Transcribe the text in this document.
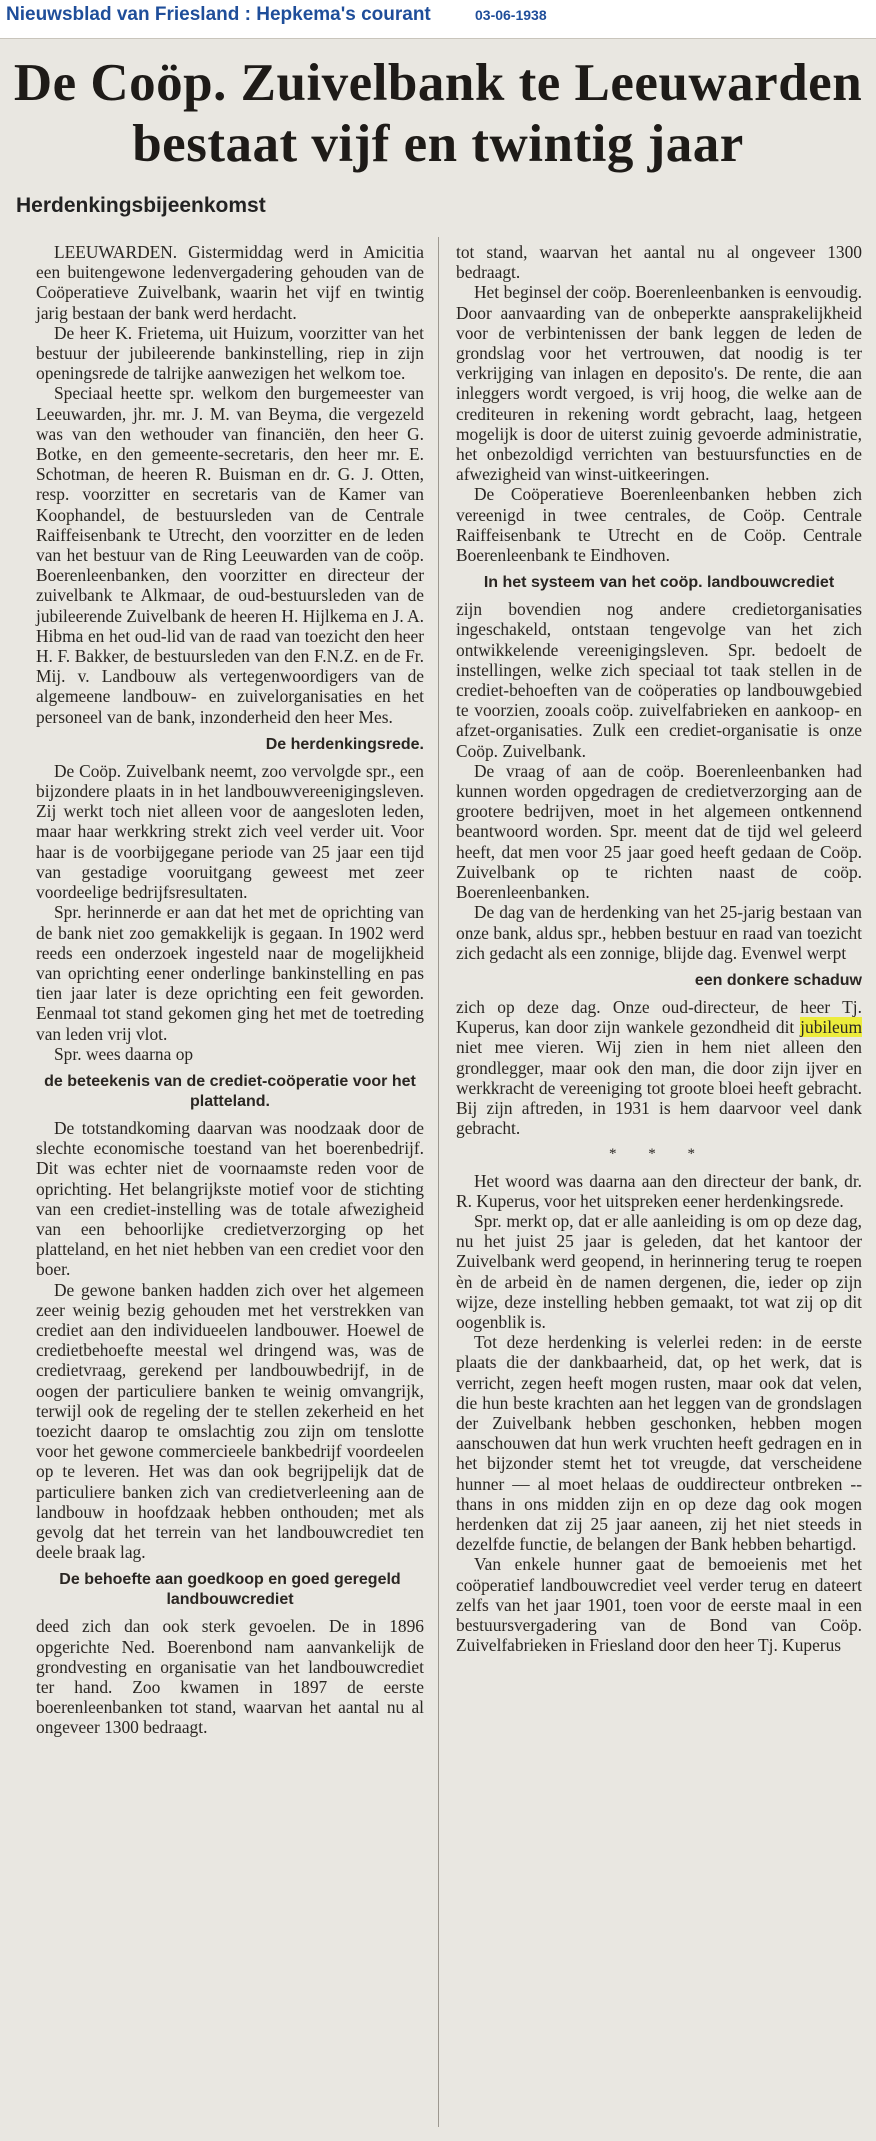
Nieuwsblad van Friesland : Hepkema's courant	03-06-1938
De Coöp. Zuivelbank te Leeuwarden
bestaat vijf en twintig jaar
Herdenkingsbijeenkomst

LEEUWARDEN. Gistermiddag werd in Amicitia een buitengewone ledenvergadering gehouden van de Coöperatieve Zuivelbank, waarin het vijf en twintig jarig bestaan der bank werd herdacht.

De heer K. Frietema, uit Huizum, voorzitter van het bestuur der jubileerende bankinstelling, riep in zijn openingsrede de talrijke aanwezigen het welkom toe.

Speciaal heette spr. welkom den burgemeester van Leeuwarden, jhr. mr. J. M. van Beyma, die vergezeld was van den wethouder van financiën, den heer G. Botke, en den gemeente-secretaris, den heer mr. E. Schotman, de heeren R. Buisman en dr. G. J. Otten, resp. voorzitter en secretaris van de Kamer van Koophandel, de bestuursleden van de Centrale Raiffeisenbank te Utrecht, den voorzitter en de leden van het bestuur van de Ring Leeuwarden van de coöp. Boerenleenbanken, den voorzitter en directeur der zuivelbank te Alkmaar, de oud-bestuursleden van de jubileerende Zuivelbank de heeren H. Hijlkema en J. A. Hibma en het oud-lid van de raad van toezicht den heer H. F. Bakker, de bestuursleden van den F.N.Z. en de Fr. Mij. v. Landbouw als vertegenwoordigers van de algemeene landbouw- en zuivelorganisaties en het personeel van de bank, inzonderheid den heer Mes.

De herdenkingsrede.

De Coöp. Zuivelbank neemt, zoo vervolgde spr., een bijzondere plaats in in het landbouwvereenigingsleven. Zij werkt toch niet alleen voor de aangesloten leden, maar haar werkkring strekt zich veel verder uit. Voor haar is de voorbijgegane periode van 25 jaar een tijd van gestadige vooruitgang geweest met zeer voordeelige bedrijfsresultaten.

Spr. herinnerde er aan dat het met de oprichting van de bank niet zoo gemakkelijk is gegaan. In 1902 werd reeds een onderzoek ingesteld naar de mogelijkheid van oprichting eener onderlinge bankinstelling en pas tien jaar later is deze oprichting een feit geworden. Eenmaal tot stand gekomen ging het met de toetreding van leden vrij vlot.

Spr. wees daarna op

de beteekenis van de crediet-coöperatie voor het platteland.

De totstandkoming daarvan was noodzaak door de slechte economische toestand van het boerenbedrijf. Dit was echter niet de voornaamste reden voor de oprichting. Het belangrijkste motief voor de stichting van een crediet-instelling was de totale afwezigheid van een behoorlijke credietverzorging op het platteland, en het niet hebben van een crediet voor den boer.

De gewone banken hadden zich over het algemeen zeer weinig bezig gehouden met het verstrekken van crediet aan den individueelen landbouwer. Hoewel de credietbehoefte meestal wel dringend was, was de credietvraag, gerekend per landbouwbedrijf, in de oogen der particuliere banken te weinig omvangrijk, terwijl ook de regeling der te stellen zekerheid en het toezicht daarop te omslachtig zou zijn om tenslotte voor het gewone commercieele bankbedrijf voordeelen op te leveren. Het was dan ook begrijpelijk dat de particuliere banken zich van credietverleening aan de landbouw in hoofdzaak hebben onthouden; met als gevolg dat het terrein van het landbouwcrediet ten deele braak lag.

De behoefte aan goedkoop en goed geregeld landbouwcrediet

deed zich dan ook sterk gevoelen. De in 1896 opgerichte Ned. Boerenbond nam aanvankelijk de grondvesting en organisatie van het landbouwcrediet ter hand. Zoo kwamen in 1897 de eerste boerenleenbanken tot stand, waarvan het aantal nu al ongeveer 1300 bedraagt.

tot stand, waarvan het aantal nu al ongeveer 1300 bedraagt.

Het beginsel der coöp. Boerenleenbanken is eenvoudig. Door aanvaarding van de onbeperkte aansprakelijkheid voor de verbintenissen der bank leggen de leden de grondslag voor het vertrouwen, dat noodig is ter verkrijging van inlagen en deposito's. De rente, die aan inleggers wordt vergoed, is vrij hoog, die welke aan de crediteuren in rekening wordt gebracht, laag, hetgeen mogelijk is door de uiterst zuinig gevoerde administratie, het onbezoldigd verrichten van bestuursfuncties en de afwezigheid van winst-uitkeeringen.

De Coöperatieve Boerenleenbanken hebben zich vereenigd in twee centrales, de Coöp. Centrale Raiffeisenbank te Utrecht en de Coöp. Centrale Boerenleenbank te Eindhoven.

In het systeem van het coöp. landbouwcrediet

zijn bovendien nog andere credietorganisaties ingeschakeld, ontstaan tengevolge van het zich ontwikkelende vereenigingsleven. Spr. bedoelt de instellingen, welke zich speciaal tot taak stellen in de crediet-behoeften van de coöperaties op landbouwgebied te voorzien, zooals coöp. zuivelfabrieken en aankoop- en afzet-organisaties. Zulk een crediet-organisatie is onze Coöp. Zuivelbank.

De vraag of aan de coöp. Boerenleenbanken had kunnen worden opgedragen de credietverzorging aan de grootere bedrijven, moet in het algemeen ontkennend beantwoord worden. Spr. meent dat de tijd wel geleerd heeft, dat men voor 25 jaar goed heeft gedaan de Coöp. Zuivelbank op te richten naast de coöp. Boerenleenbanken.

De dag van de herdenking van het 25-jarig bestaan van onze bank, aldus spr., hebben bestuur en raad van toezicht zich gedacht als een zonnige, blijde dag. Evenwel werpt

een donkere schaduw

zich op deze dag. Onze oud-directeur, de heer Tj. Kuperus, kan door zijn wankele gezondheid dit jubileum niet mee vieren. Wij zien in hem niet alleen den grondlegger, maar ook den man, die door zijn ijver en werkkracht de vereeniging tot groote bloei heeft gebracht. Bij zijn aftreden, in 1931 is hem daarvoor veel dank gebracht.

* * *

Het woord was daarna aan den directeur der bank, dr. R. Kuperus, voor het uitspreken eener herdenkingsrede.

Spr. merkt op, dat er alle aanleiding is om op deze dag, nu het juist 25 jaar is geleden, dat het kantoor der Zuivelbank werd geopend, in herinnering terug te roepen èn de arbeid èn de namen dergenen, die, ieder op zijn wijze, deze instelling hebben gemaakt, tot wat zij op dit oogenblik is.

Tot deze herdenking is velerlei reden: in de eerste plaats die der dankbaarheid, dat, op het werk, dat is verricht, zegen heeft mogen rusten, maar ook dat velen, die hun beste krachten aan het leggen van de grondslagen der Zuivelbank hebben geschonken, hebben mogen aanschouwen dat hun werk vruchten heeft gedragen en in het bijzonder stemt het tot vreugde, dat verscheidene hunner — al moet helaas de ouddirecteur ontbreken -- thans in ons midden zijn en op deze dag ook mogen herdenken dat zij 25 jaar aaneen, zij het niet steeds in dezelfde functie, de belangen der Bank hebben behartigd.

Van enkele hunner gaat de bemoeienis met het coöperatief landbouwcrediet veel verder terug en dateert zelfs van het jaar 1901, toen voor de eerste maal in een bestuursvergadering van de Bond van Coöp. Zuivelfabrieken in Friesland door den heer Tj. Kuperus
